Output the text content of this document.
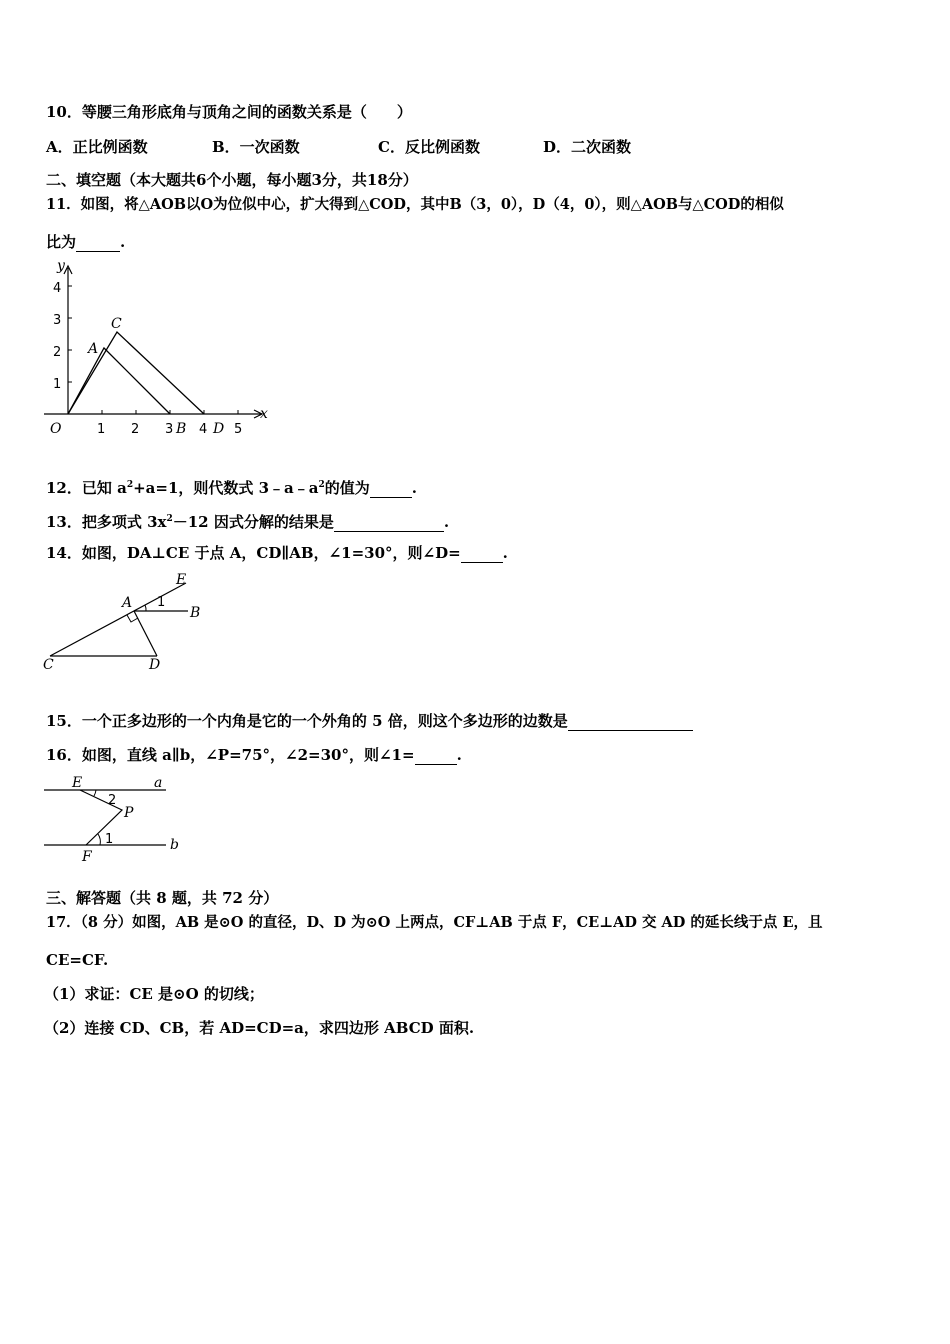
10．等腰三角形底角与顶角之间的函数关系是（　　）
A．正比例函数	B．一次函数	C．反比例函数	D．二次函数
二、填空题（本大题共6个小题，每小题3分，共18分）
11．如图，将△AOB以O为位似中心，扩大得到△COD，其中B（3，0），D（4，0），则△AOB与△COD的相似
比为	.
y
x
1
2
3
4
1 2 3 4 5
O
A
C
B D
12．已知 $a^2+a=1$，则代数式 $3﹣a﹣a^2$的值为	.
13．把多项式 $3x^2-12$ 因式分解的结果是	.
14．如图，DA⊥CE 于点 A，CD∥AB，∠1=30°，则∠D=	.
E
A 1
B
C	D
15．一个正多边形的一个内角是它的一个外角的 5 倍，则这个多边形的边数是
16．如图，直线 a∥b，∠P=75°，∠2=30°，则∠1=	.
E	a
2
P
1	b
F
三、解答题（共 8 题，共 72 分）
17．（8 分）如图，AB 是⊙O 的直径，D、D 为⊙O 上两点，CF⊥AB 于点 F，CE⊥AD 交 AD 的延长线于点 E，且
CE=CF.
（1）求证：CE 是⊙O 的切线；
（2）连接 CD、CB，若 AD=CD=a，求四边形 ABCD 面积.
